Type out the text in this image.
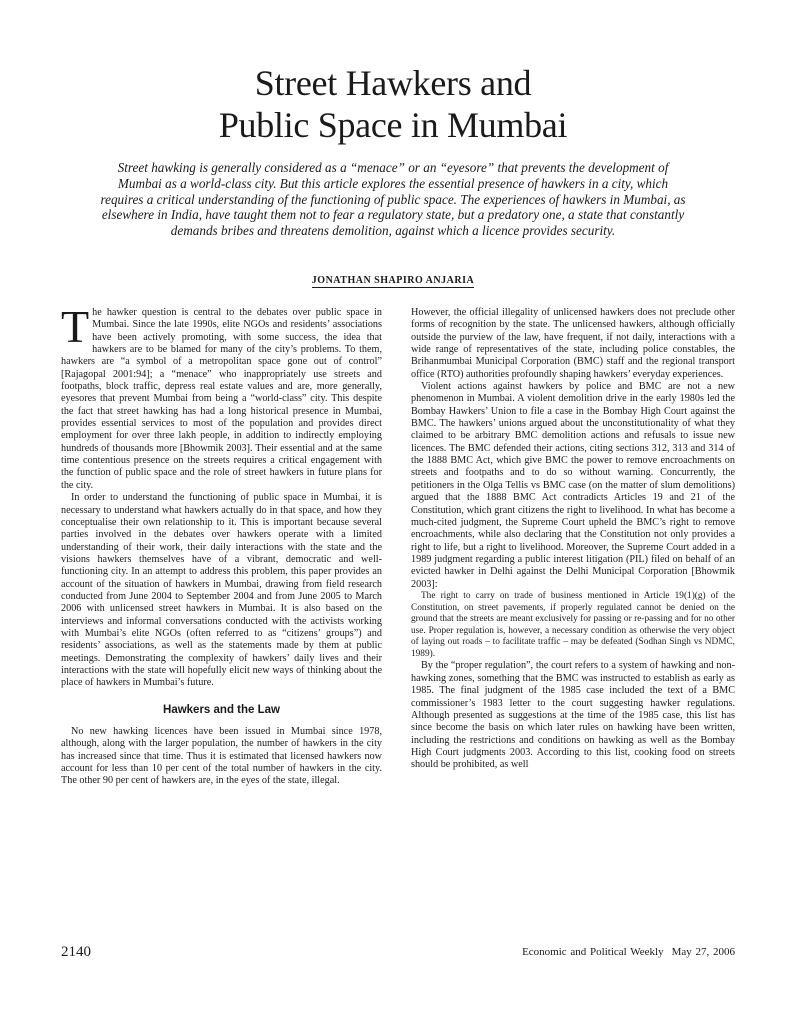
Street Hawkers and
Public Space in Mumbai
Street hawking is generally considered as a “menace” or an “eyesore” that prevents the development of Mumbai as a world-class city. But this article explores the essential presence of hawkers in a city, which requires a critical understanding of the functioning of public space. The experiences of hawkers in Mumbai, as elsewhere in India, have taught them not to fear a regulatory state, but a predatory one, a state that constantly demands bribes and threatens demolition, against which a licence provides security.
JONATHAN SHAPIRO ANJARIA

The hawker question is central to the debates over public space in Mumbai. Since the late 1990s, elite NGOs and residents’ associations have been actively promoting, with some success, the idea that hawkers are to be blamed for many of the city’s problems. To them, hawkers are “a symbol of a metropolitan space gone out of control” [Rajagopal 2001:94]; a “menace” who inappropriately use streets and footpaths, block traffic, depress real estate values and are, more generally, eyesores that prevent Mumbai from being a “world-class” city. This despite the fact that street hawking has had a long historical presence in Mumbai, provides essential services to most of the population and provides direct employment for over three lakh people, in addition to indirectly employing hundreds of thousands more [Bhowmik 2003]. Their essential and at the same time contentious presence on the streets requires a critical engagement with the function of public space and the role of street hawkers in future plans for the city.

In order to understand the functioning of public space in Mumbai, it is necessary to understand what hawkers actually do in that space, and how they conceptualise their own relationship to it. This is important because several parties involved in the debates over hawkers operate with a limited understanding of their work, their daily interactions with the state and the visions hawkers themselves have of a vibrant, democratic and well-functioning city. In an attempt to address this problem, this paper provides an account of the situation of hawkers in Mumbai, drawing from field research conducted from June 2004 to September 2004 and from June 2005 to March 2006 with unlicensed street hawkers in Mumbai. It is also based on the interviews and informal conversations conducted with the activists working with Mumbai’s elite NGOs (often referred to as “citizens’ groups”) and residents’ associations, as well as the statements made by them at public meetings. Demonstrating the complexity of hawkers’ daily lives and their interactions with the state will hopefully elicit new ways of thinking about the place of hawkers in Mumbai’s future.

Hawkers and the Law

No new hawking licences have been issued in Mumbai since 1978, although, along with the larger population, the number of hawkers in the city has increased since that time. Thus it is estimated that licensed hawkers now account for less than 10 per cent of the total number of hawkers in the city. The other 90 per cent of hawkers are, in the eyes of the state, illegal.

However, the official illegality of unlicensed hawkers does not preclude other forms of recognition by the state. The unlicensed hawkers, although officially outside the purview of the law, have frequent, if not daily, interactions with a wide range of representatives of the state, including police constables, the Brihanmumbai Municipal Corporation (BMC) staff and the regional transport office (RTO) authorities profoundly shaping hawkers’ everyday experiences.

Violent actions against hawkers by police and BMC are not a new phenomenon in Mumbai. A violent demolition drive in the early 1980s led the Bombay Hawkers’ Union to file a case in the Bombay High Court against the BMC. The hawkers’ unions argued about the unconstitutionality of what they claimed to be arbitrary BMC demolition actions and refusals to issue new licences. The BMC defended their actions, citing sections 312, 313 and 314 of the 1888 BMC Act, which give BMC the power to remove encroachments on streets and footpaths and to do so without warning. Concurrently, the petitioners in the Olga Tellis vs BMC case (on the matter of slum demolitions) argued that the 1888 BMC Act contradicts Articles 19 and 21 of the Constitution, which grant citizens the right to livelihood. In what has become a much-cited judgment, the Supreme Court upheld the BMC’s right to remove encroachments, while also declaring that the Constitution not only provides a right to life, but a right to livelihood. Moreover, the Supreme Court added in a 1989 judgment regarding a public interest litigation (PIL) filed on behalf of an evicted hawker in Delhi against the Delhi Municipal Corporation [Bhowmik 2003]:

The right to carry on trade of business mentioned in Article 19(1)(g) of the Constitution, on street pavements, if properly regulated cannot be denied on the ground that the streets are meant exclusively for passing or re-passing and for no other use. Proper regulation is, however, a necessary condition as otherwise the very object of laying out roads – to facilitate traffic – may be defeated (Sodhan Singh vs NDMC, 1989).

By the “proper regulation”, the court refers to a system of hawking and non-hawking zones, something that the BMC was instructed to establish as early as 1985. The final judgment of the 1985 case included the text of a BMC commissioner’s 1983 letter to the court suggesting hawker regulations. Although presented as suggestions at the time of the 1985 case, this list has since become the basis on which later rules on hawking have been written, including the restrictions and conditions on hawking as well as the Bombay High Court judgments 2003. According to this list, cooking food on streets should be prohibited, as well

2140	Economic and Political Weekly May 27, 2006
